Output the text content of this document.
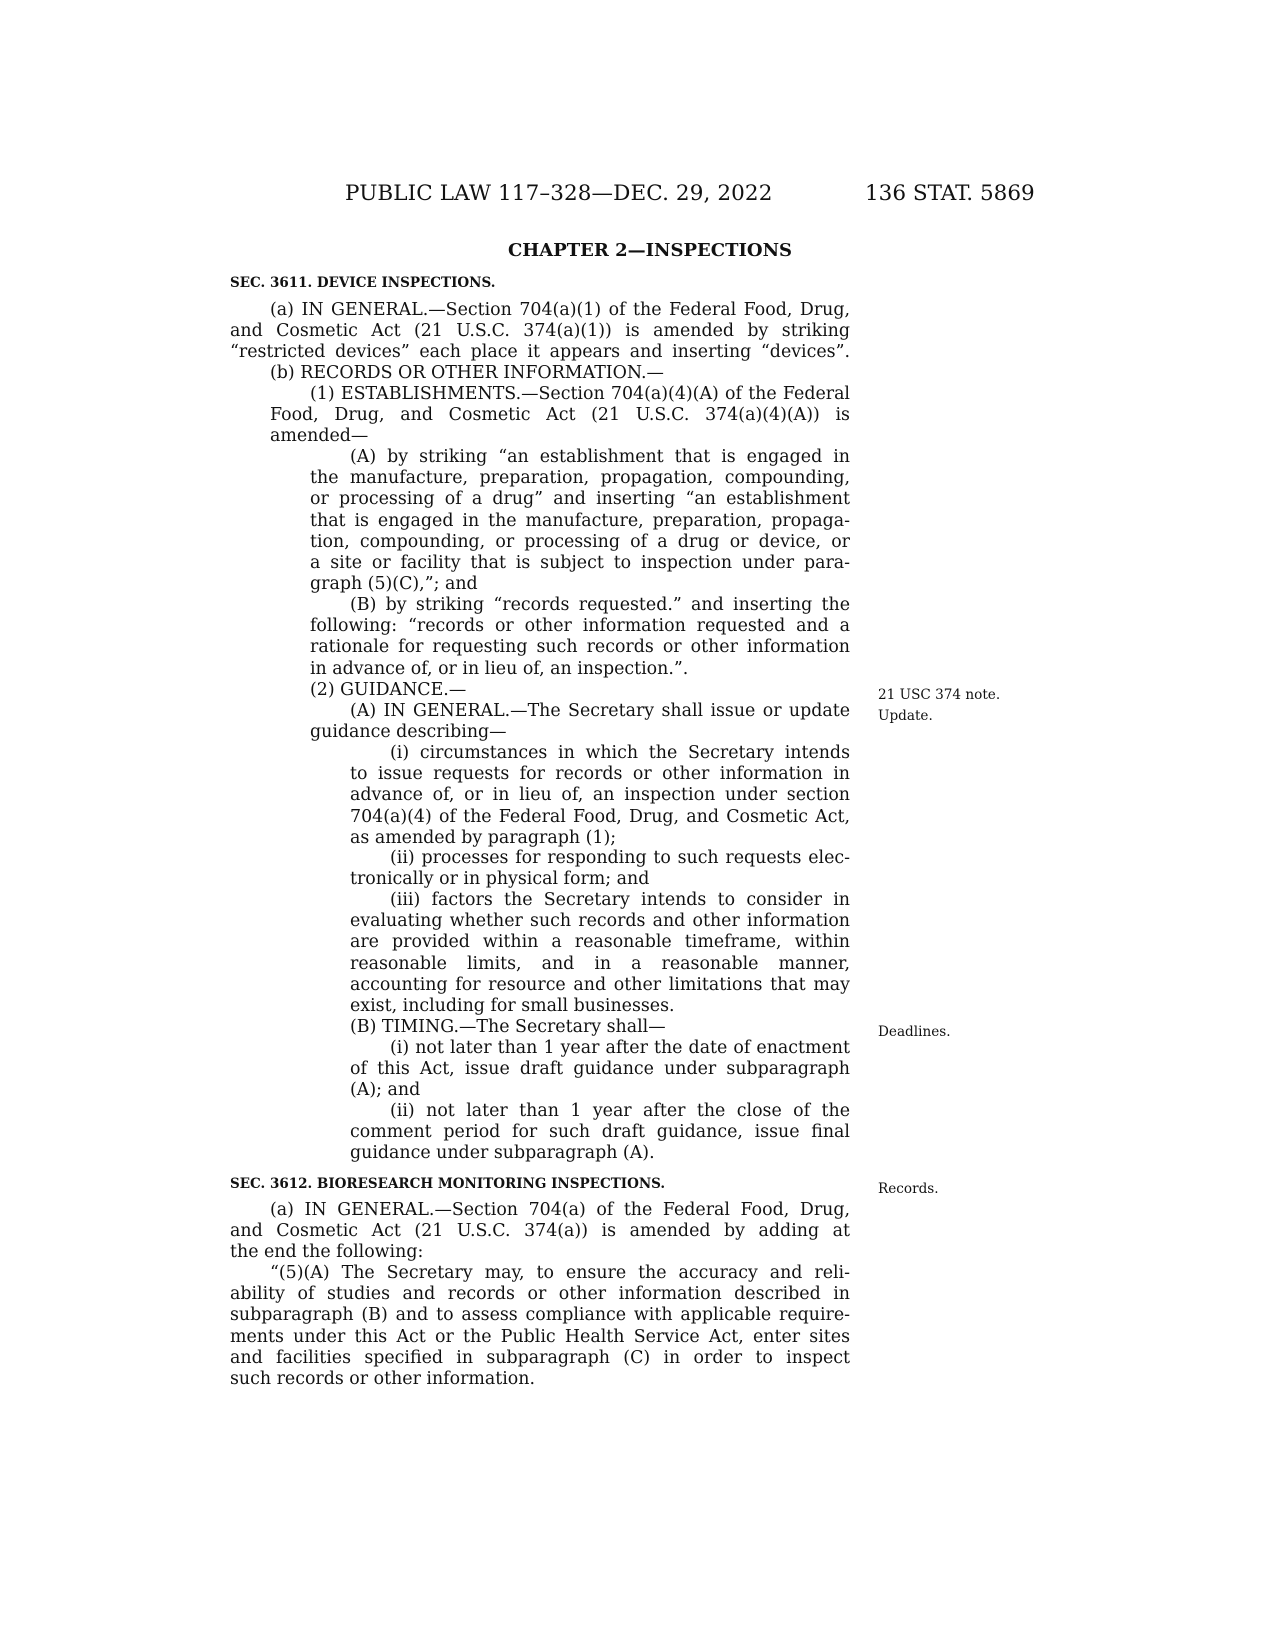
PUBLIC LAW 117–328—DEC. 29, 2022	136 STAT. 5869
CHAPTER 2—INSPECTIONS
SEC. 3611. DEVICE INSPECTIONS.
(a) IN GENERAL.—Section 704(a)(1) of the Federal Food, Drug,
and Cosmetic Act (21 U.S.C. 374(a)(1)) is amended by striking
“restricted devices” each place it appears and inserting “devices”.
(b) RECORDS OR OTHER INFORMATION.—
(1) ESTABLISHMENTS.—Section 704(a)(4)(A) of the Federal
Food, Drug, and Cosmetic Act (21 U.S.C. 374(a)(4)(A)) is
amended—
(A) by striking “an establishment that is engaged in
the manufacture, preparation, propagation, compounding,
or processing of a drug” and inserting “an establishment
that is engaged in the manufacture, preparation, propaga-
tion, compounding, or processing of a drug or device, or
a site or facility that is subject to inspection under para-
graph (5)(C),”; and
(B) by striking “records requested.” and inserting the
following: “records or other information requested and a
rationale for requesting such records or other information
in advance of, or in lieu of, an inspection.”.
(2) GUIDANCE.—
(A) IN GENERAL.—The Secretary shall issue or update
guidance describing—
(i) circumstances in which the Secretary intends
to issue requests for records or other information in
advance of, or in lieu of, an inspection under section
704(a)(4) of the Federal Food, Drug, and Cosmetic Act,
as amended by paragraph (1);
(ii) processes for responding to such requests elec-
tronically or in physical form; and
(iii) factors the Secretary intends to consider in
evaluating whether such records and other information
are provided within a reasonable timeframe, within
reasonable limits, and in a reasonable manner,
accounting for resource and other limitations that may
exist, including for small businesses.
(B) TIMING.—The Secretary shall—
(i) not later than 1 year after the date of enactment
of this Act, issue draft guidance under subparagraph
(A); and
(ii) not later than 1 year after the close of the
comment period for such draft guidance, issue final
guidance under subparagraph (A).
SEC. 3612. BIORESEARCH MONITORING INSPECTIONS.
(a) IN GENERAL.—Section 704(a) of the Federal Food, Drug,
and Cosmetic Act (21 U.S.C. 374(a)) is amended by adding at
the end the following:
“(5)(A) The Secretary may, to ensure the accuracy and reli-
ability of studies and records or other information described in
subparagraph (B) and to assess compliance with applicable require-
ments under this Act or the Public Health Service Act, enter sites
and facilities specified in subparagraph (C) in order to inspect
such records or other information.
21 USC 374 note.
Update.
Deadlines.
Records.
